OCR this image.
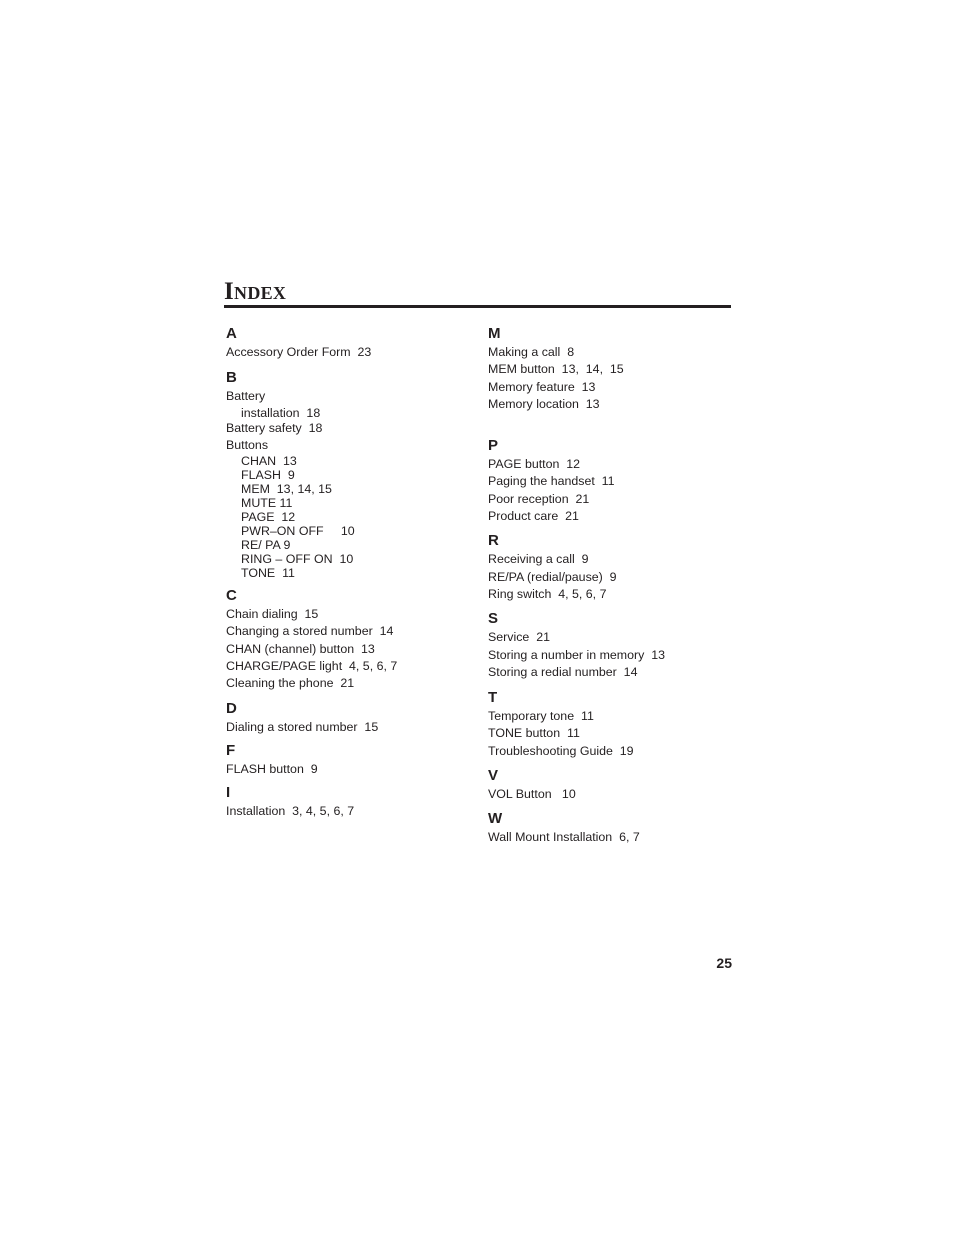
INDEX
A
Accessory Order Form  23
B
Battery
installation  18
Battery safety  18
Buttons
CHAN  13
FLASH  9
MEM  13, 14, 15
MUTE 11
PAGE  12
PWR–ON OFF     10
RE/ PA 9
RING – OFF ON  10
TONE  11
C
Chain dialing  15
Changing a stored number  14
CHAN (channel) button  13
CHARGE/PAGE light  4, 5, 6, 7
Cleaning the phone  21
D
Dialing a stored number  15
F
FLASH button  9
I
Installation  3, 4, 5, 6, 7
M
Making a call  8
MEM button  13,  14,  15
Memory feature  13
Memory location  13
P
PAGE button  12
Paging the handset  11
Poor reception  21
Product care  21
R
Receiving a call  9
RE/PA (redial/pause)  9
Ring switch  4, 5, 6, 7
S
Service  21
Storing a number in memory  13
Storing a redial number  14
T
Temporary tone  11
TONE button  11
Troubleshooting Guide  19
V
VOL Button   10
W
Wall Mount Installation  6, 7
25
